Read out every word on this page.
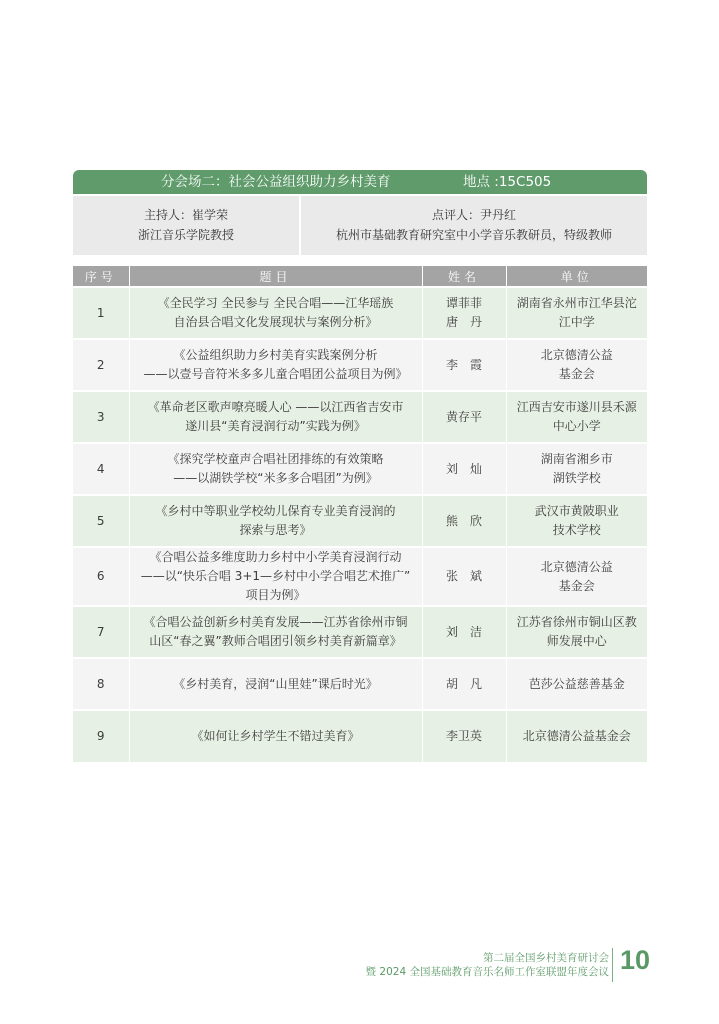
分会场二：社会公益组织助力乡村美育	地点 :15C505
主持人：崔学荣
浙江音乐学院教授
点评人：尹丹红
杭州市基础教育研究室中小学音乐教研员，特级教师
序号	题目	姓名	单位
1	《全民学习 全民参与 全民合唱——江华瑶族
自治县合唱文化发展现状与案例分析》	谭菲菲
唐　丹	湖南省永州市江华县沱
江中学
2	《公益组织助力乡村美育实践案例分析
——以壹号音符米多多儿童合唱团公益项目为例》	李　霞	北京德清公益
基金会
3	《革命老区歌声嘹亮暖人心 ——以江西省吉安市
遂川县“美育浸润行动”实践为例》	黄存平	江西吉安市遂川县禾源
中心小学
4	《探究学校童声合唱社团排练的有效策略
——以湖铁学校“米多多合唱团”为例》	刘　灿	湖南省湘乡市
湖铁学校
5	《乡村中等职业学校幼儿保育专业美育浸润的
探索与思考》	熊　欣	武汉市黄陂职业
技术学校
6	《合唱公益多维度助力乡村中小学美育浸润行动
——以“快乐合唱 3+1—乡村中小学合唱艺术推广”
项目为例》	张　斌	北京德清公益
基金会
7	《合唱公益创新乡村美育发展——江苏省徐州市铜
山区“春之翼”教师合唱团引领乡村美育新篇章》	刘　洁	江苏省徐州市铜山区教
师发展中心
8	《乡村美育，浸润“山里娃”课后时光》	胡　凡	芭莎公益慈善基金
9	《如何让乡村学生不错过美育》	李卫英	北京德清公益基金会
第二届全国乡村美育研讨会
暨 2024 全国基础教育音乐名师工作室联盟年度会议 10
